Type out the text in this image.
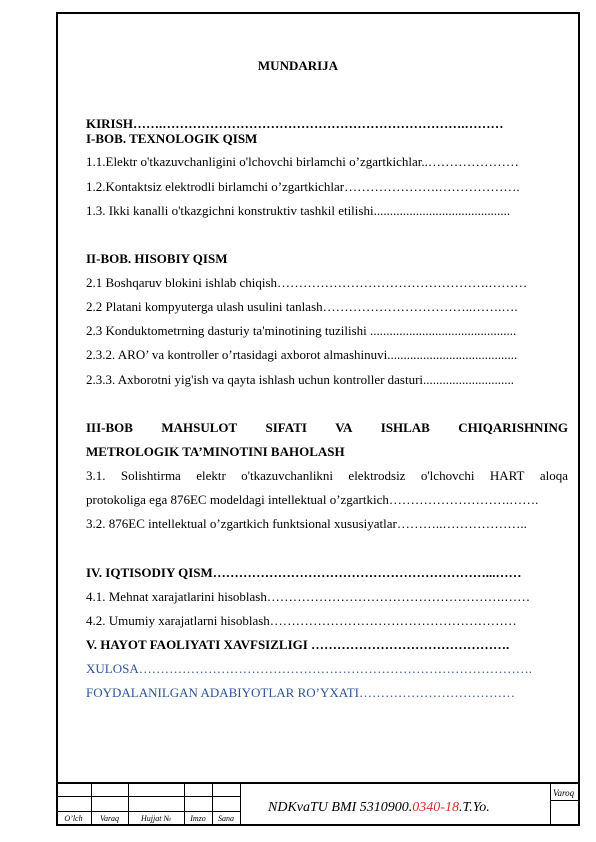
MUNDARIJA
KIRISH…….…………………………………………………………….………
I-BOB. TEXNOLOGIK QISM
1.1.Elektr o'tkazuvchanligini o'lchovchi birlamchi o’zgartkichlar..…………………
1.2.Kontaktsiz elektrodli birlamchi o’zgartkichlar………………….……………….
1.3. Ikki kanalli o'tkazgichni konstruktiv tashkil etilishi..........................................
II-BOB. HISOBIY QISM
2.1 Boshqaruv blokini ishlab chiqish………………………………………….………
2.2 Platani kompyuterga ulash usulini tanlash……………………………..…….….
2.3 Konduktometrning dasturiy ta'minotining tuzilishi .............................................
2.3.2. ARO’ va kontroller o’rtasidagi axborot almashinuvi........................................
2.3.3. Axborotni yig'ish va qayta ishlash uchun kontroller dasturi............................
III-BOB MAHSULOT SIFATI VA ISHLAB CHIQARISHNING
METROLOGIK TA’MINOTINI BAHOLASH
3.1. Solishtirma elektr o'tkazuvchanlikni elektrodsiz o'lchovchi HART aloqa
protokoliga ega 876EC modeldagi intellektual o’zgartkich……………………….…….
3.2. 876EC intellektual o’zgartkich funktsional xususiyatlar………..………………..
IV. IQTISODIY QISM………………………………………………………...……
4.1. Mehnat xarajatlarini hisoblash……………………………………………….……
4.2. Umumiy xarajatlarni hisoblash…………………………………………………
V. HAYOT FAOLIYATI XAVFSIZLIGI ……………………………………….
XULOSA……………………………………………………………………………….
FOYDALANILGAN ADABIYOTLAR RO’YXATI………………………………
O’lch	Varaq	Hujjat №	Imzo	Sana
NDKvaTU BMI 5310900.0340-18.T.Yo.
Varoq
